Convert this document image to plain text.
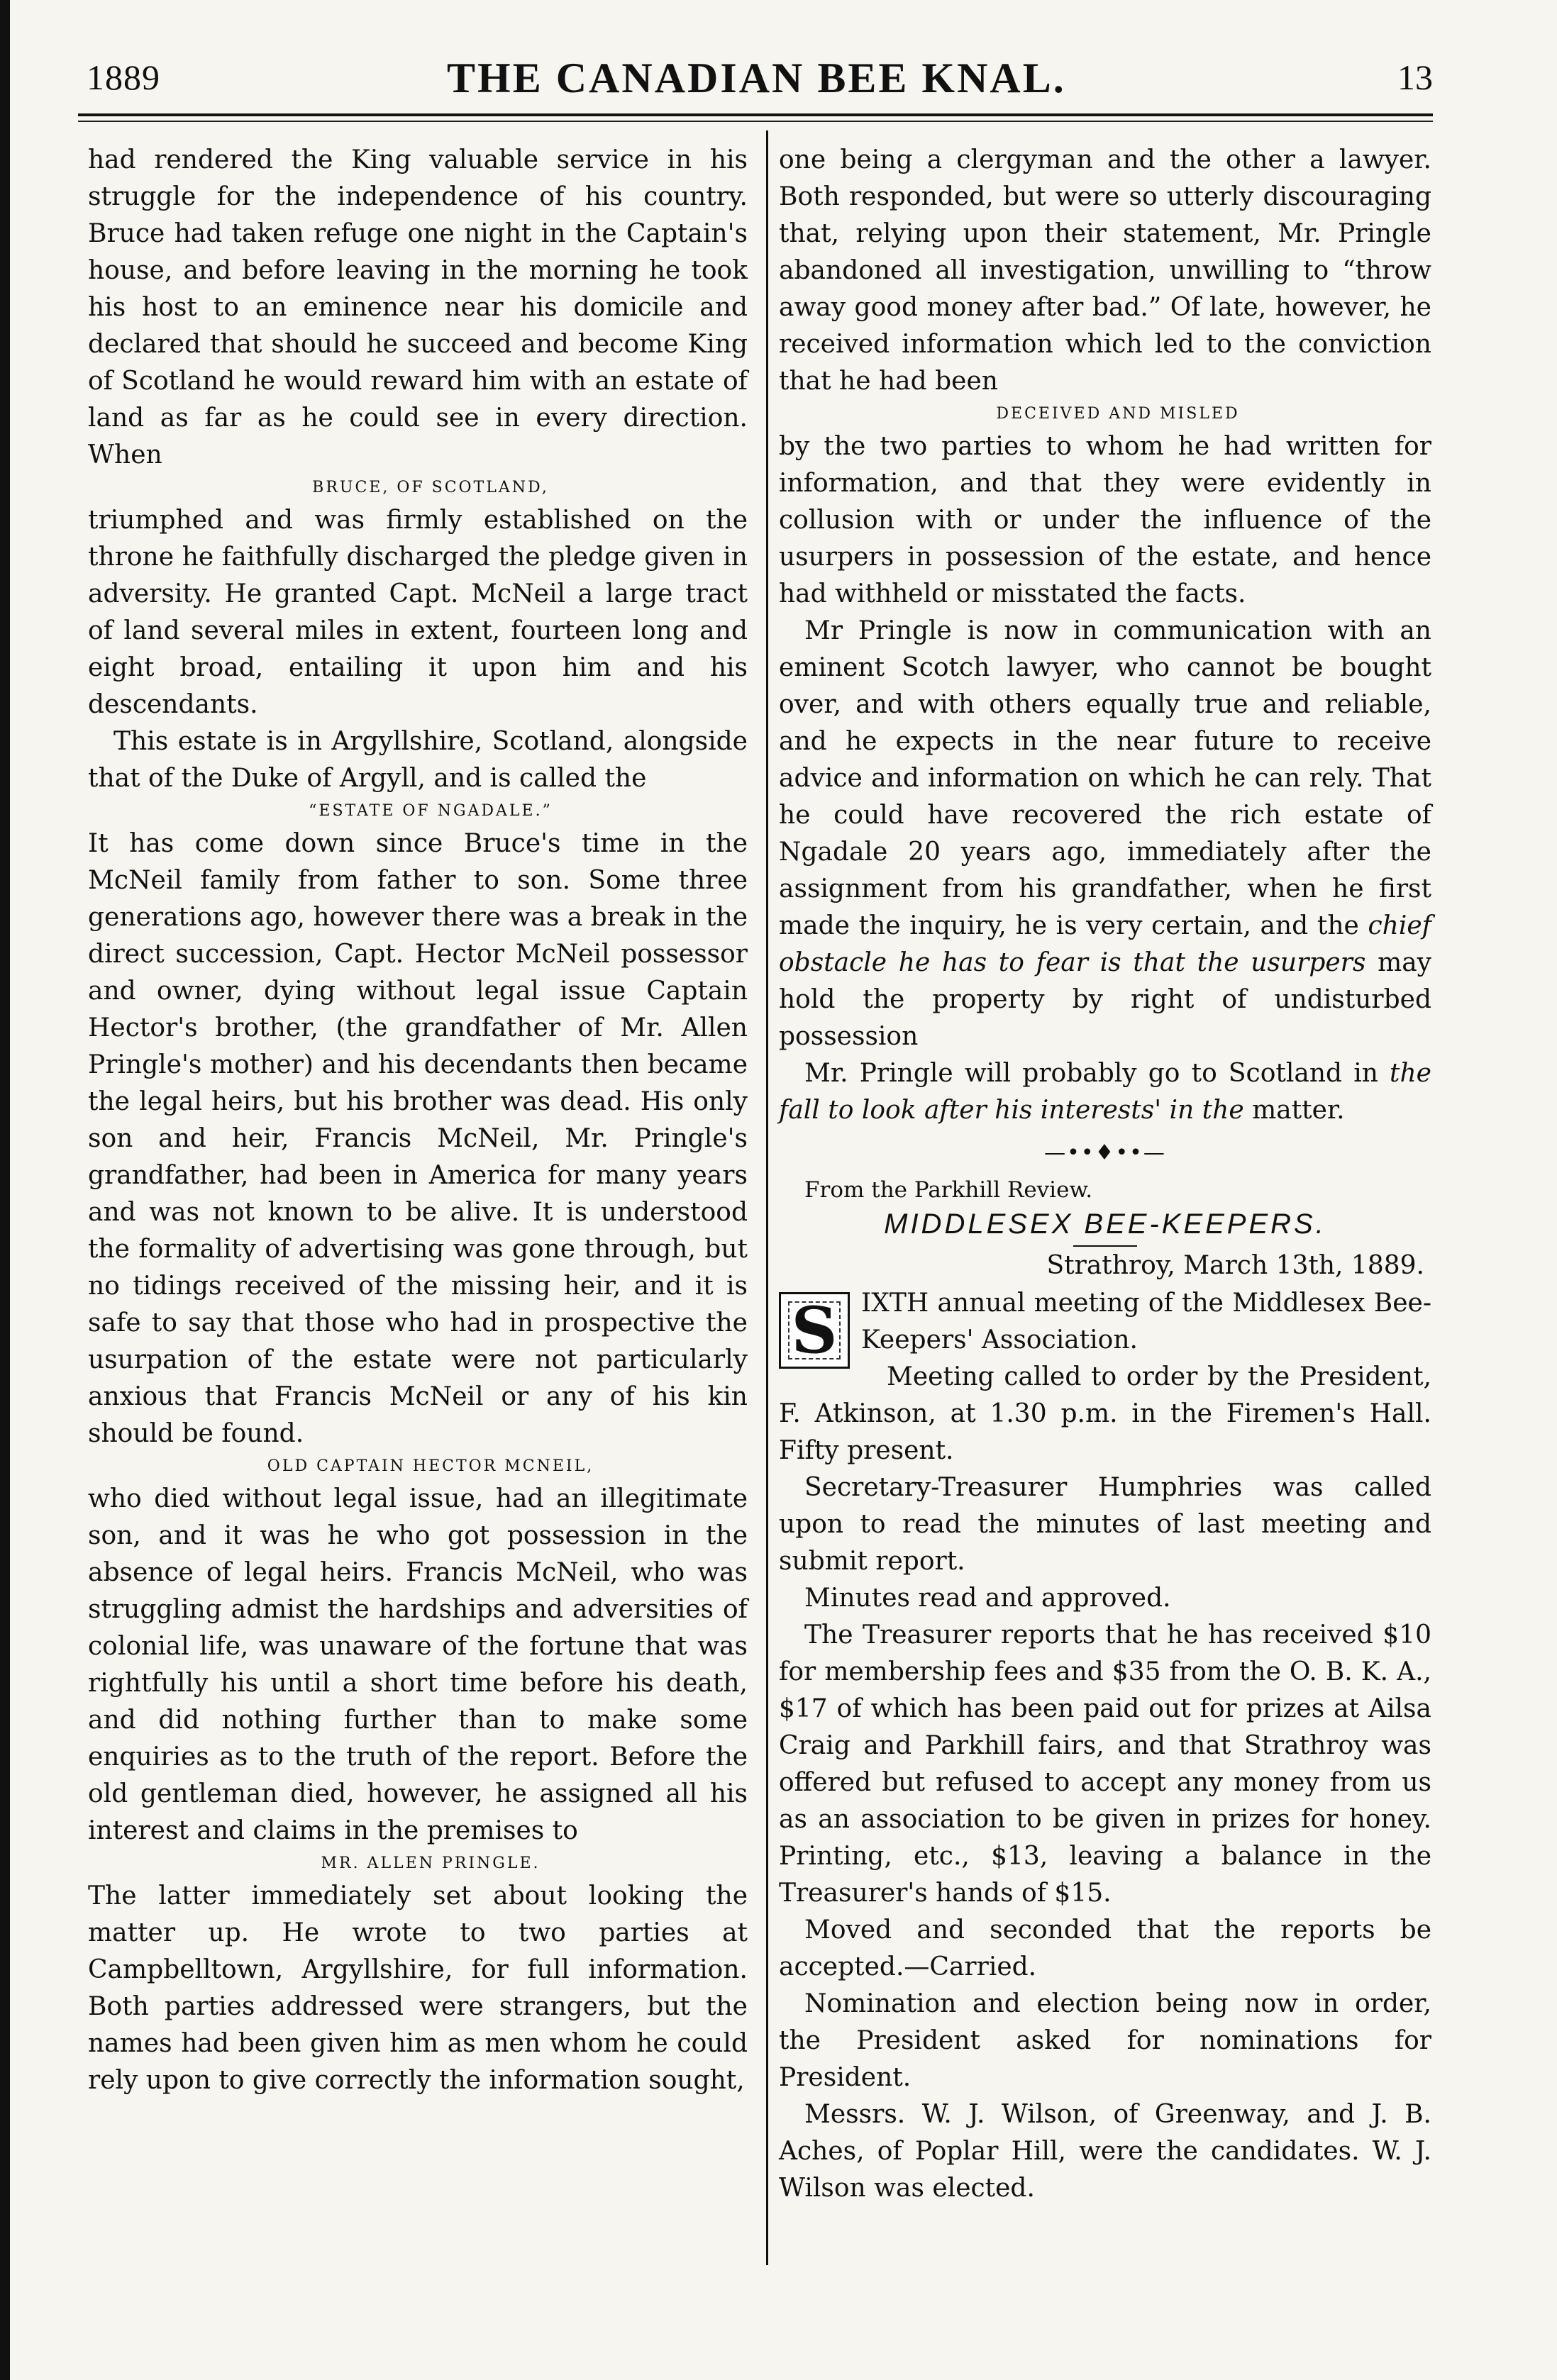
1889	THE CANADIAN BEE KNAL.	13

had rendered the King valuable service in his struggle for the independence of his country. Bruce had taken refuge one night in the Captain's house, and before leaving in the morning he took his host to an eminence near his domicile and declared that should he succeed and become King of Scotland he would reward him with an estate of land as far as he could see in every direction. When

BRUCE, OF SCOTLAND,

triumphed and was firmly established on the throne he faithfully discharged the pledge given in adversity. He granted Capt. McNeil a large tract of land several miles in extent, fourteen long and eight broad, entailing it upon him and his descendants.

This estate is in Argyllshire, Scotland, alongside that of the Duke of Argyll, and is called the

“ESTATE OF NGADALE.”

It has come down since Bruce's time in the McNeil family from father to son. Some three generations ago, however there was a break in the direct succession, Capt. Hector McNeil possessor and owner, dying without legal issue Captain Hector's brother, (the grandfather of Mr. Allen Pringle's mother) and his decendants then became the legal heirs, but his brother was dead. His only son and heir, Francis McNeil, Mr. Pringle's grandfather, had been in America for many years and was not known to be alive. It is understood the formality of advertising was gone through, but no tidings received of the missing heir, and it is safe to say that those who had in prospective the usurpation of the estate were not particularly anxious that Francis McNeil or any of his kin should be found.

OLD CAPTAIN HECTOR MCNEIL,

who died without legal issue, had an illegitimate son, and it was he who got possession in the absence of legal heirs. Francis McNeil, who was struggling admist the hardships and adversities of colonial life, was unaware of the fortune that was rightfully his until a short time before his death, and did nothing further than to make some enquiries as to the truth of the report. Before the old gentleman died, however, he assigned all his interest and claims in the premises to

MR. ALLEN PRINGLE.

The latter immediately set about looking the matter up. He wrote to two parties at Campbelltown, Argyllshire, for full information. Both parties addressed were strangers, but the names had been given him as men whom he could rely upon to give correctly the information sought,

one being a clergyman and the other a lawyer. Both responded, but were so utterly discouraging that, relying upon their statement, Mr. Pringle abandoned all investigation, unwilling to “throw away good money after bad.” Of late, however, he received information which led to the conviction that he had been

DECEIVED AND MISLED

by the two parties to whom he had written for information, and that they were evidently in collusion with or under the influence of the usurpers in possession of the estate, and hence had withheld or misstated the facts.

Mr Pringle is now in communication with an eminent Scotch lawyer, who cannot be bought over, and with others equally true and reliable, and he expects in the near future to receive advice and information on which he can rely. That he could have recovered the rich estate of Ngadale 20 years ago, immediately after the assignment from his grandfather, when he first made the inquiry, he is very certain, and the chief obstacle he has to fear is that the usurpers may hold the property by right of undisturbed possession

Mr. Pringle will probably go to Scotland in the fall to look after his interests' in the matter.

—••♦••—

From the Parkhill Review.

MIDDLESEX BEE-KEEPERS.
Strathroy, March 13th, 1889.
S IXTH annual meeting of the Middlesex Bee-Keepers' Association.

Meeting called to order by the President, F. Atkinson, at 1.30 p.m. in the Firemen's Hall. Fifty present.

Secretary-Treasurer Humphries was called upon to read the minutes of last meeting and submit report.

Minutes read and approved.

The Treasurer reports that he has received $10 for membership fees and $35 from the O. B. K. A., $17 of which has been paid out for prizes at Ailsa Craig and Parkhill fairs, and that Strathroy was offered but refused to accept any money from us as an association to be given in prizes for honey. Printing, etc., $13, leaving a balance in the Treasurer's hands of $15.

Moved and seconded that the reports be accepted.—Carried.

Nomination and election being now in order, the President asked for nominations for President.

Messrs. W. J. Wilson, of Greenway, and J. B. Aches, of Poplar Hill, were the candidates. W. J. Wilson was elected.
